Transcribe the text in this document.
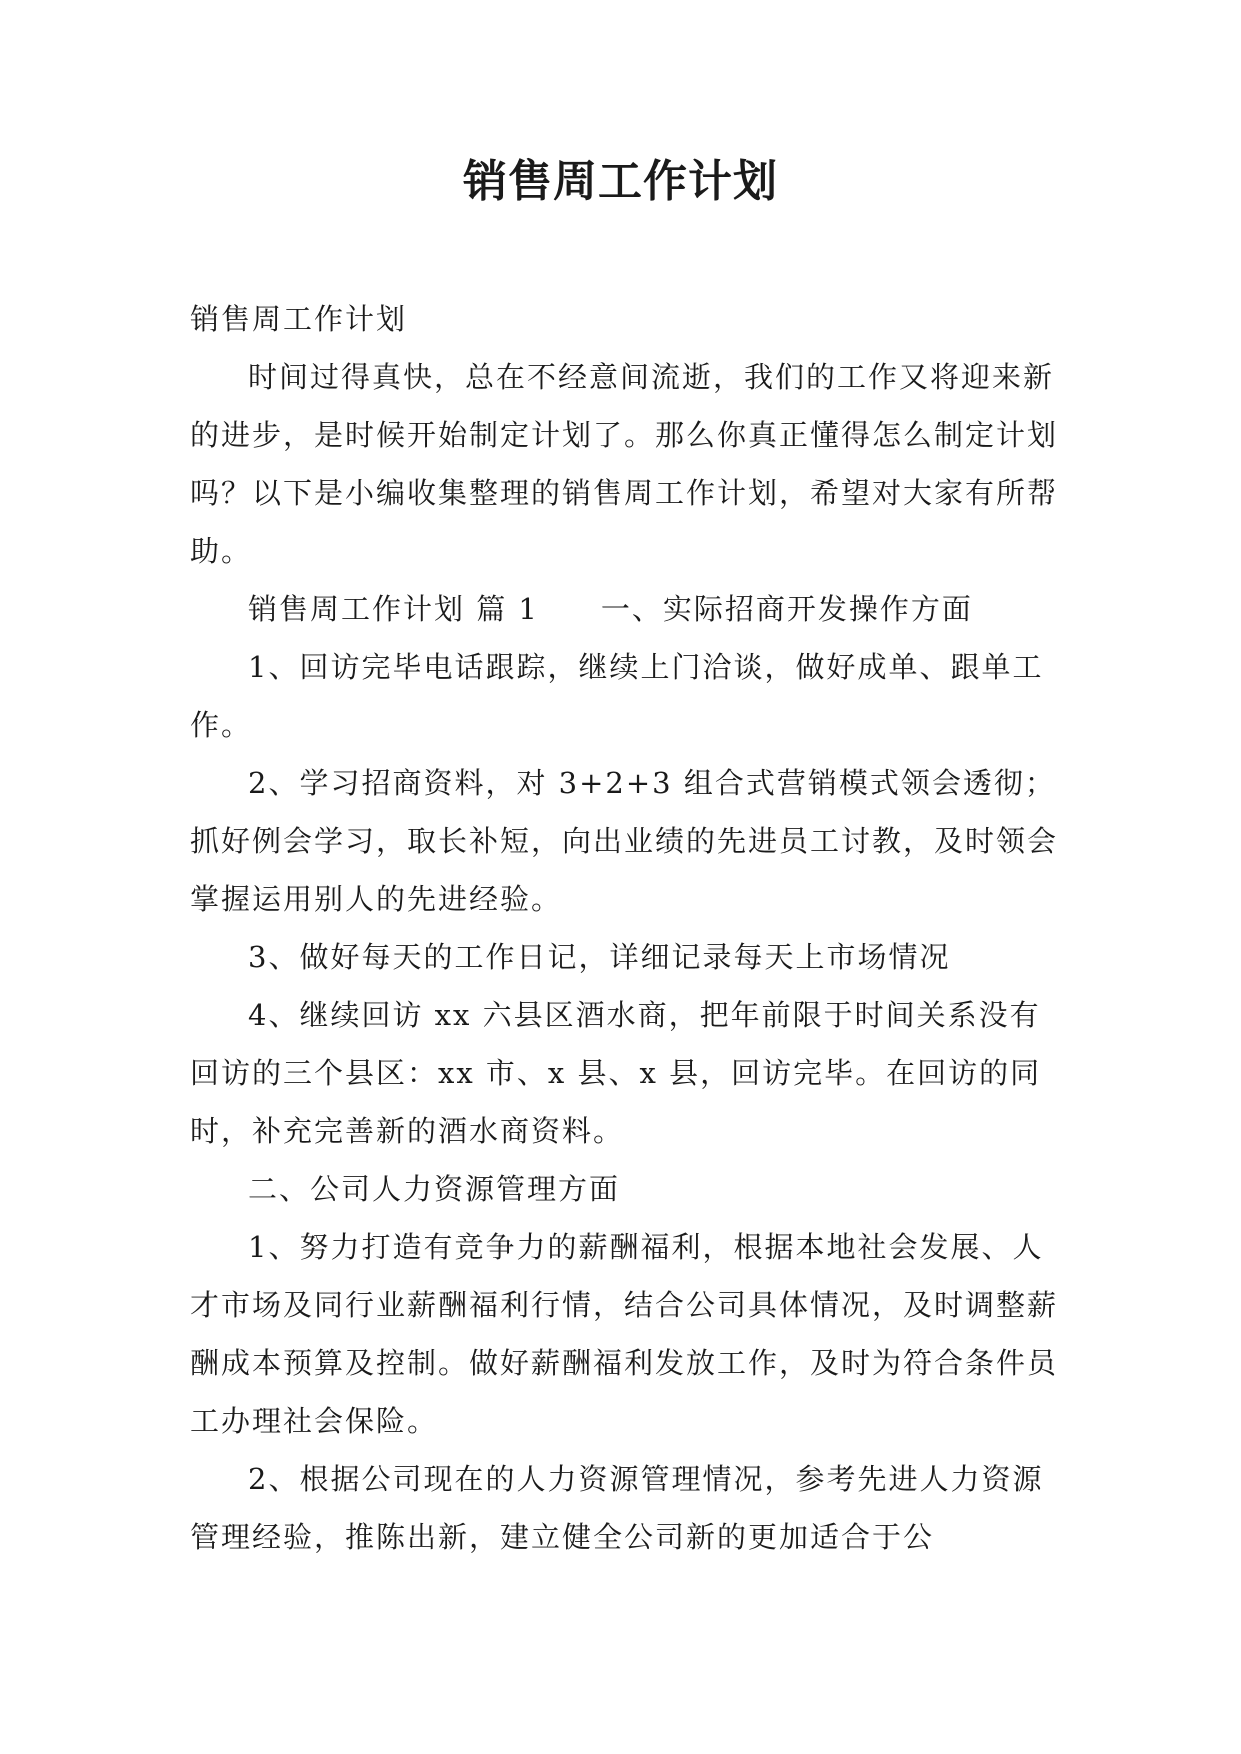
销售周工作计划

销售周工作计划

时间过得真快，总在不经意间流逝，我们的工作又将迎来新的进步，是时候开始制定计划了。那么你真正懂得怎么制定计划吗？以下是小编收集整理的销售周工作计划，希望对大家有所帮助。

销售周工作计划 篇 1　　一、实际招商开发操作方面

1、回访完毕电话跟踪，继续上门洽谈，做好成单、跟单工作。

2、学习招商资料，对 3+2+3 组合式营销模式领会透彻；抓好例会学习，取长补短，向出业绩的先进员工讨教，及时领会掌握运用别人的先进经验。

3、做好每天的工作日记，详细记录每天上市场情况

4、继续回访 xx 六县区酒水商，把年前限于时间关系没有回访的三个县区：xx 市、x 县、x 县，回访完毕。在回访的同时，补充完善新的酒水商资料。

二、公司人力资源管理方面

1、努力打造有竞争力的薪酬福利，根据本地社会发展、人才市场及同行业薪酬福利行情，结合公司具体情况，及时调整薪酬成本预算及控制。做好薪酬福利发放工作，及时为符合条件员工办理社会保险。

2、根据公司现在的人力资源管理情况，参考先进人力资源管理经验，推陈出新，建立健全公司新的更加适合于公
